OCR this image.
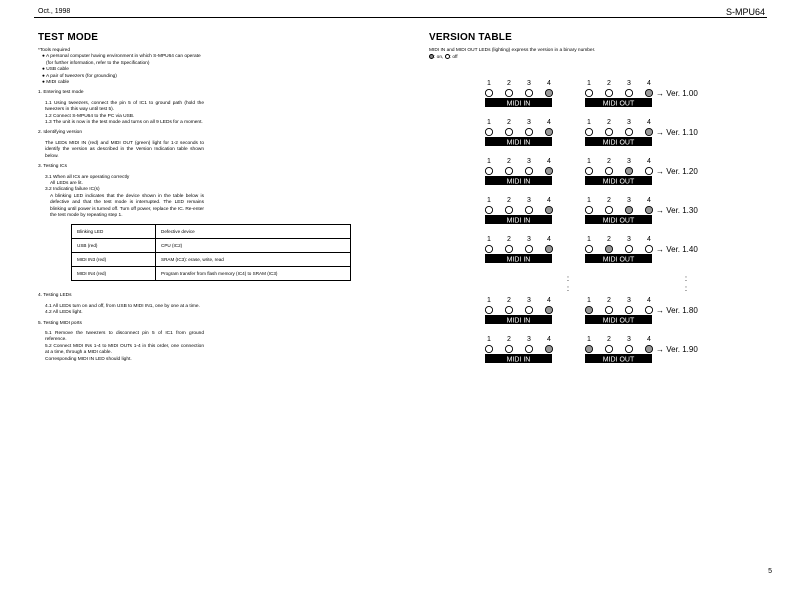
Oct., 1998	S-MPU64
TEST MODE

*Tools required

● A personal computer having environment in which S-MPU64 can operate (for further information, refer to the Specification)

● USB cable

● A pair of tweezers (for grounding)

● MIDI cable

1. Entering test mode

1.1 Using tweezers, connect the pin 5 of IC1 to ground path (hold the tweezers in this way until test 5).

1.2 Connect S-MPU64 to the PC via USB.

1.3 The unit is now in the test mode and turns on all 9 LEDs for a moment.

2. Identifying version

The LEDs MIDI IN (red) and MIDI OUT (green) light for 1-2 seconds to identify the version as described in the Version Indication table shown below.

3. Testing ICs

3.1 When all ICs are operating correctly

All LEDs are lit.

3.2 Indicating failure IC(s)

A blinking LED indicates that the device shown in the table below is defective and that the test mode is interrupted. The LED remains blinking until power is turned off. Turn off power, replace the IC. Re-enter the test mode by repeating step 1.

Blinking LED	Defective device
USB (red)	CPU (IC2)
MIDI IN3 (red)	SRAM (IC3): erase, write, read
MIDI IN4 (red)	Program transfer from flash memory (IC4) to SRAM (IC3)

4. Testing LEDs

4.1 All LEDs turn on and off, from USB to MIDI IN1, one by one at a time.

4.2 All LEDs light.

5. Testing MIDI ports

5.1 Remove the tweezers to disconnect pin 5 of IC1 from ground reference.

5.2 Connect MIDI INs 1-4 to MIDI OUTs 1-4 in this order, one connection at a time, through a MIDI cable.

Corresponding MIDI IN LED should light.

VERSION TABLE
MIDI IN and MIDI OUT LEDs (lighting) express the version in a binary number.
: on, : off
1 2 3 4	1 2 3 4
MIDI IN	MIDI OUT
→ Ver. 1.00
1 2 3 4	1 2 3 4
MIDI IN	MIDI OUT
→ Ver. 1.10
1 2 3 4	1 2 3 4
MIDI IN	MIDI OUT
→ Ver. 1.20
1 2 3 4	1 2 3 4
MIDI IN	MIDI OUT
→ Ver. 1.30
1 2 3 4	1 2 3 4
MIDI IN	MIDI OUT
→ Ver. 1.40
1 2 3 4	1 2 3 4
MIDI IN	MIDI OUT
→ Ver. 1.80
1 2 3 4	1 2 3 4
MIDI IN	MIDI OUT
→ Ver. 1.90
:
:
:
:
5
